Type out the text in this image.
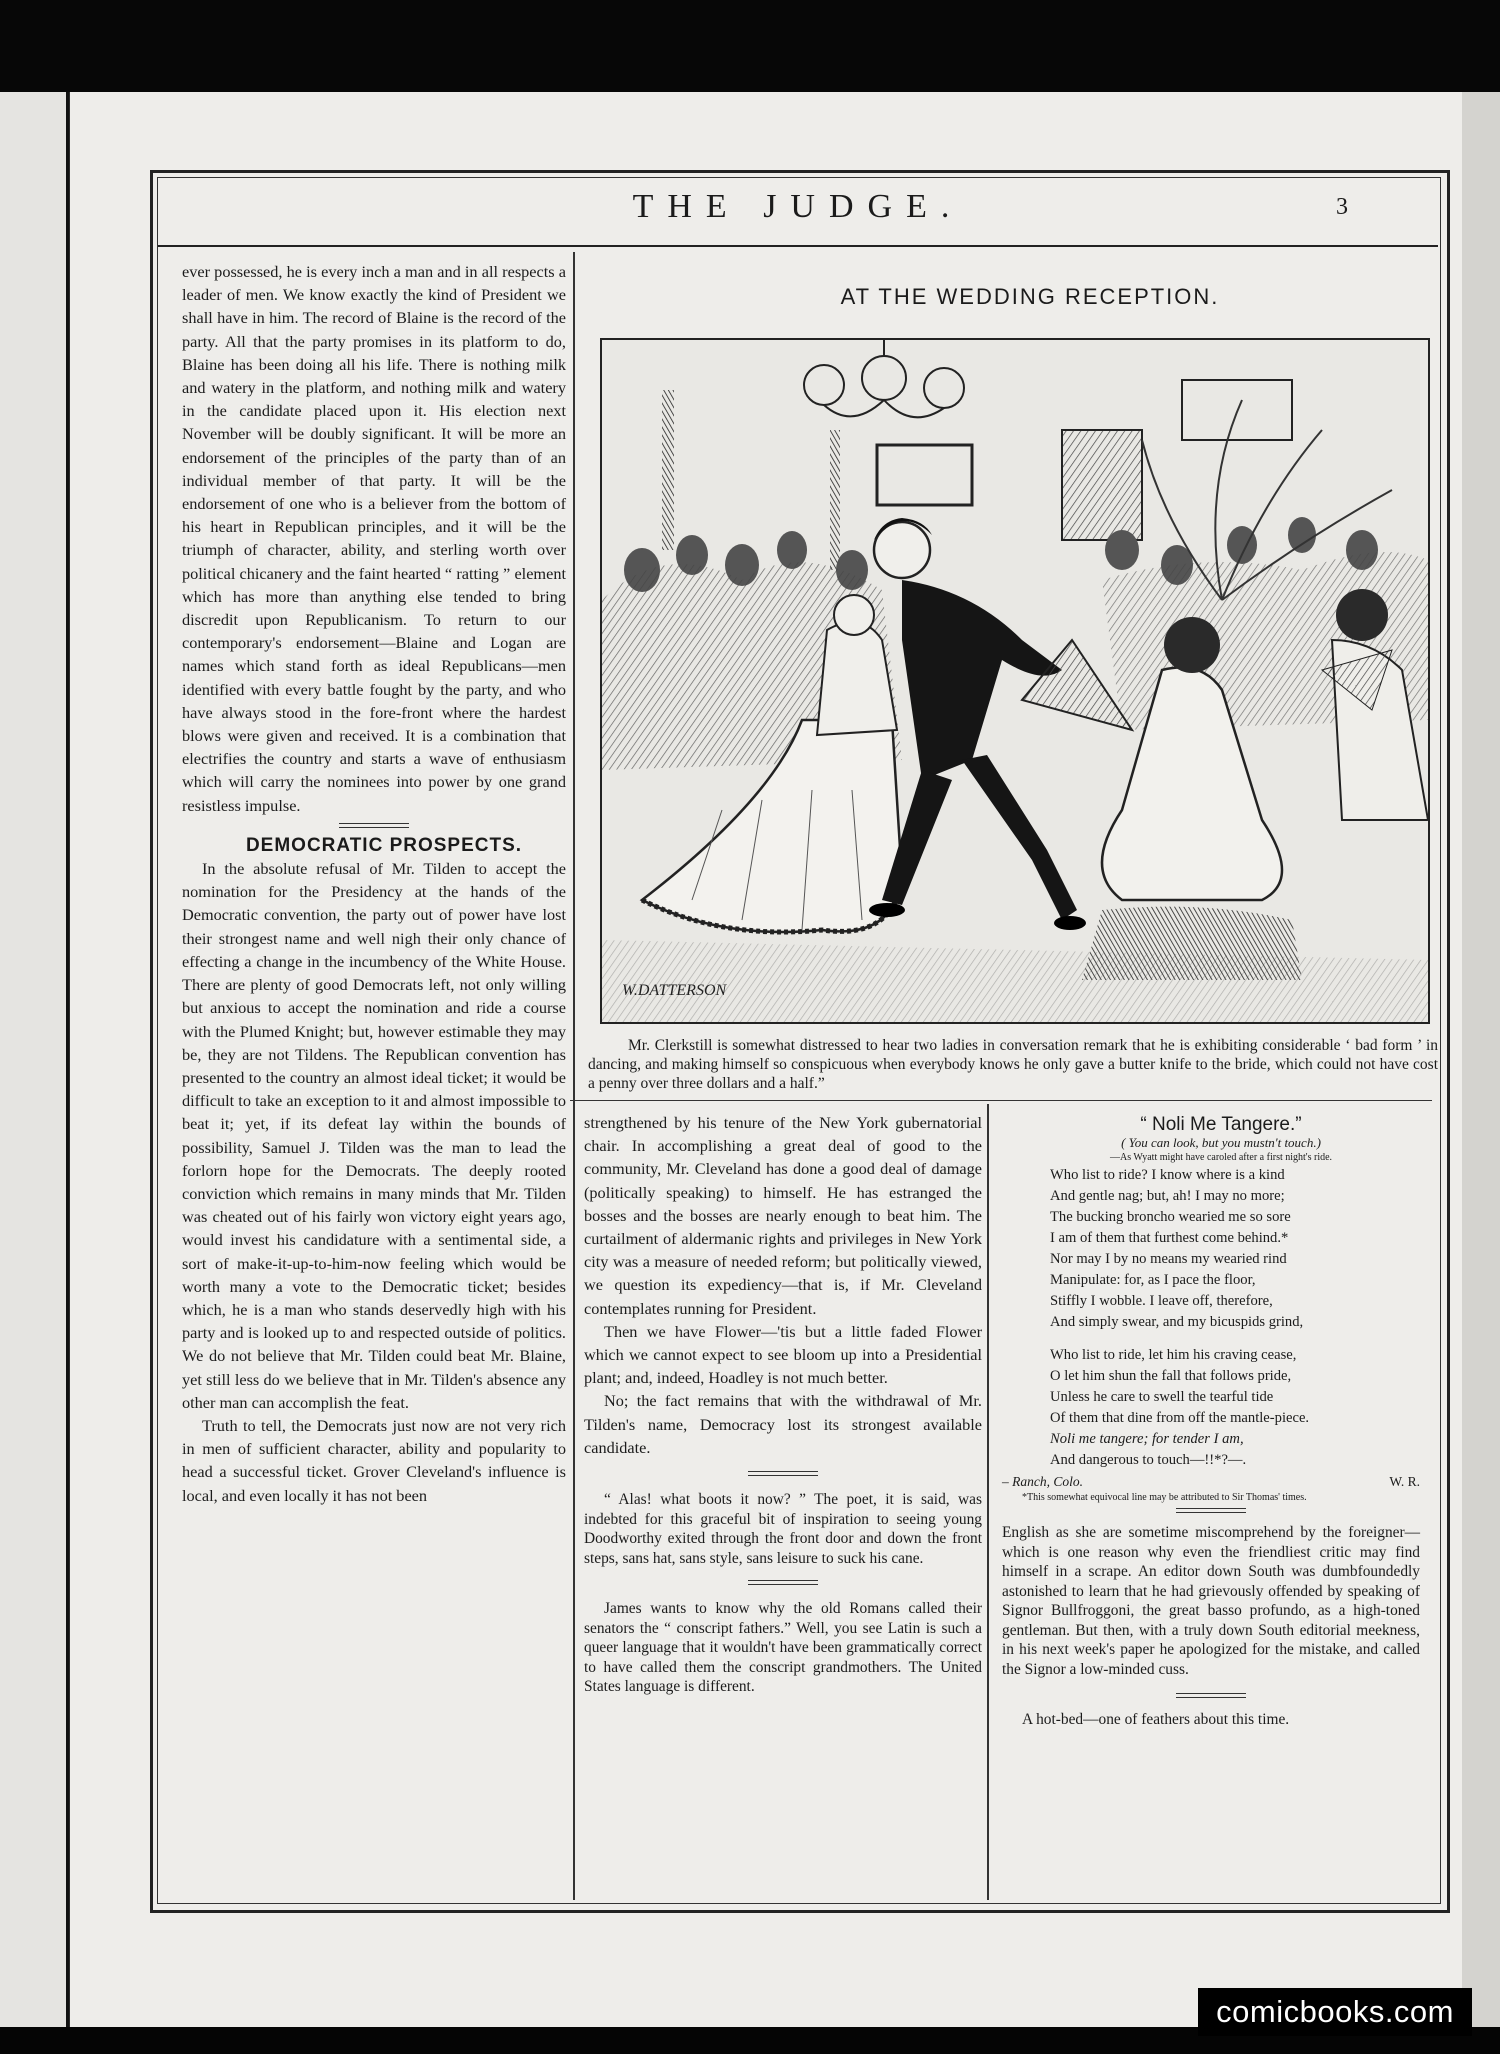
THE JUDGE.	3

ever possessed, he is every inch a man and in all respects a leader of men. We know exactly the kind of President we shall have in him. The record of Blaine is the record of the party. All that the party promises in its platform to do, Blaine has been doing all his life. There is nothing milk and watery in the platform, and nothing milk and watery in the candidate placed upon it. His election next November will be doubly significant. It will be more an endorsement of the principles of the party than of an individual member of that party. It will be the endorsement of one who is a believer from the bottom of his heart in Republican principles, and it will be the triumph of character, ability, and sterling worth over political chicanery and the faint hearted “ ratting ” element which has more than anything else tended to bring discredit upon Republicanism. To return to our contemporary's endorsement—Blaine and Logan are names which stand forth as ideal Republicans—men identified with every battle fought by the party, and who have always stood in the fore-front where the hardest blows were given and received. It is a combination that electrifies the country and starts a wave of enthusiasm which will carry the nominees into power by one grand resistless impulse.

DEMOCRATIC PROSPECTS.

In the absolute refusal of Mr. Tilden to accept the nomination for the Presidency at the hands of the Democratic convention, the party out of power have lost their strongest name and well nigh their only chance of effecting a change in the incumbency of the White House. There are plenty of good Democrats left, not only willing but anxious to accept the nomination and ride a course with the Plumed Knight; but, however estimable they may be, they are not Tildens. The Republican convention has presented to the country an almost ideal ticket; it would be difficult to take an exception to it and almost impossible to beat it; yet, if its defeat lay within the bounds of possibility, Samuel J. Tilden was the man to lead the forlorn hope for the Democrats. The deeply rooted conviction which remains in many minds that Mr. Tilden was cheated out of his fairly won victory eight years ago, would invest his candidature with a sentimental side, a sort of make-it-up-to-him-now feeling which would be worth many a vote to the Democratic ticket; besides which, he is a man who stands deservedly high with his party and is looked up to and respected outside of politics. We do not believe that Mr. Tilden could beat Mr. Blaine, yet still less do we believe that in Mr. Tilden's absence any other man can accomplish the feat.

Truth to tell, the Democrats just now are not very rich in men of sufficient character, ability and popularity to head a successful ticket. Grover Cleveland's influence is local, and even locally it has not been

AT THE WEDDING RECEPTION.
W.DATTERSON
Mr. Clerkstill is somewhat distressed to hear two ladies in conversation remark that he is exhibiting considerable ‘ bad form ’ in dancing, and making himself so conspicuous when everybody knows he only gave a butter knife to the bride, which could not have cost a penny over three dollars and a half.”

strengthened by his tenure of the New York gubernatorial chair. In accomplishing a great deal of good to the community, Mr. Cleveland has done a good deal of damage (politically speaking) to himself. He has estranged the bosses and the bosses are nearly enough to beat him. The curtailment of aldermanic rights and privileges in New York city was a measure of needed reform; but politically viewed, we question its expediency—that is, if Mr. Cleveland contemplates running for President.

Then we have Flower—'tis but a little faded Flower which we cannot expect to see bloom up into a Presidential plant; and, indeed, Hoadley is not much better.

No; the fact remains that with the withdrawal of Mr. Tilden's name, Democracy lost its strongest available candidate.

“ Alas! what boots it now? ” The poet, it is said, was indebted for this graceful bit of inspiration to seeing young Doodworthy exited through the front door and down the front steps, sans hat, sans style, sans leisure to suck his cane.

James wants to know why the old Romans called their senators the “ conscript fathers.” Well, you see Latin is such a queer language that it wouldn't have been grammatically correct to have called them the conscript grandmothers. The United States language is different.

“ Noli Me Tangere.”

( You can look, but you mustn't touch.)

—As Wyatt might have caroled after a first night's ride.

Who list to ride? I know where is a kind

And gentle nag; but, ah! I may no more;

The bucking broncho wearied me so sore

I am of them that furthest come behind.*

Nor may I by no means my wearied rind

Manipulate: for, as I pace the floor,

Stiffly I wobble. I leave off, therefore,

And simply swear, and my bicuspids grind,

Who list to ride, let him his craving cease,

O let him shun the fall that follows pride,

Unless he care to swell the tearful tide

Of them that dine from off the mantle-piece.

Noli me tangere; for tender I am,

And dangerous to touch—!!*?—.

– Ranch, Colo.	W. R.

*This somewhat equivocal line may be attributed to Sir Thomas' times.

English as she are sometime miscomprehend by the foreigner—which is one reason why even the friendliest critic may find himself in a scrape. An editor down South was dumbfoundedly astonished to learn that he had grievously offended by speaking of Signor Bullfroggoni, the great basso profundo, as a high-toned gentleman. But then, with a truly down South editorial meekness, in his next week's paper he apologized for the mistake, and called the Signor a low-minded cuss.

A hot-bed—one of feathers about this time.

comicbooks.com
